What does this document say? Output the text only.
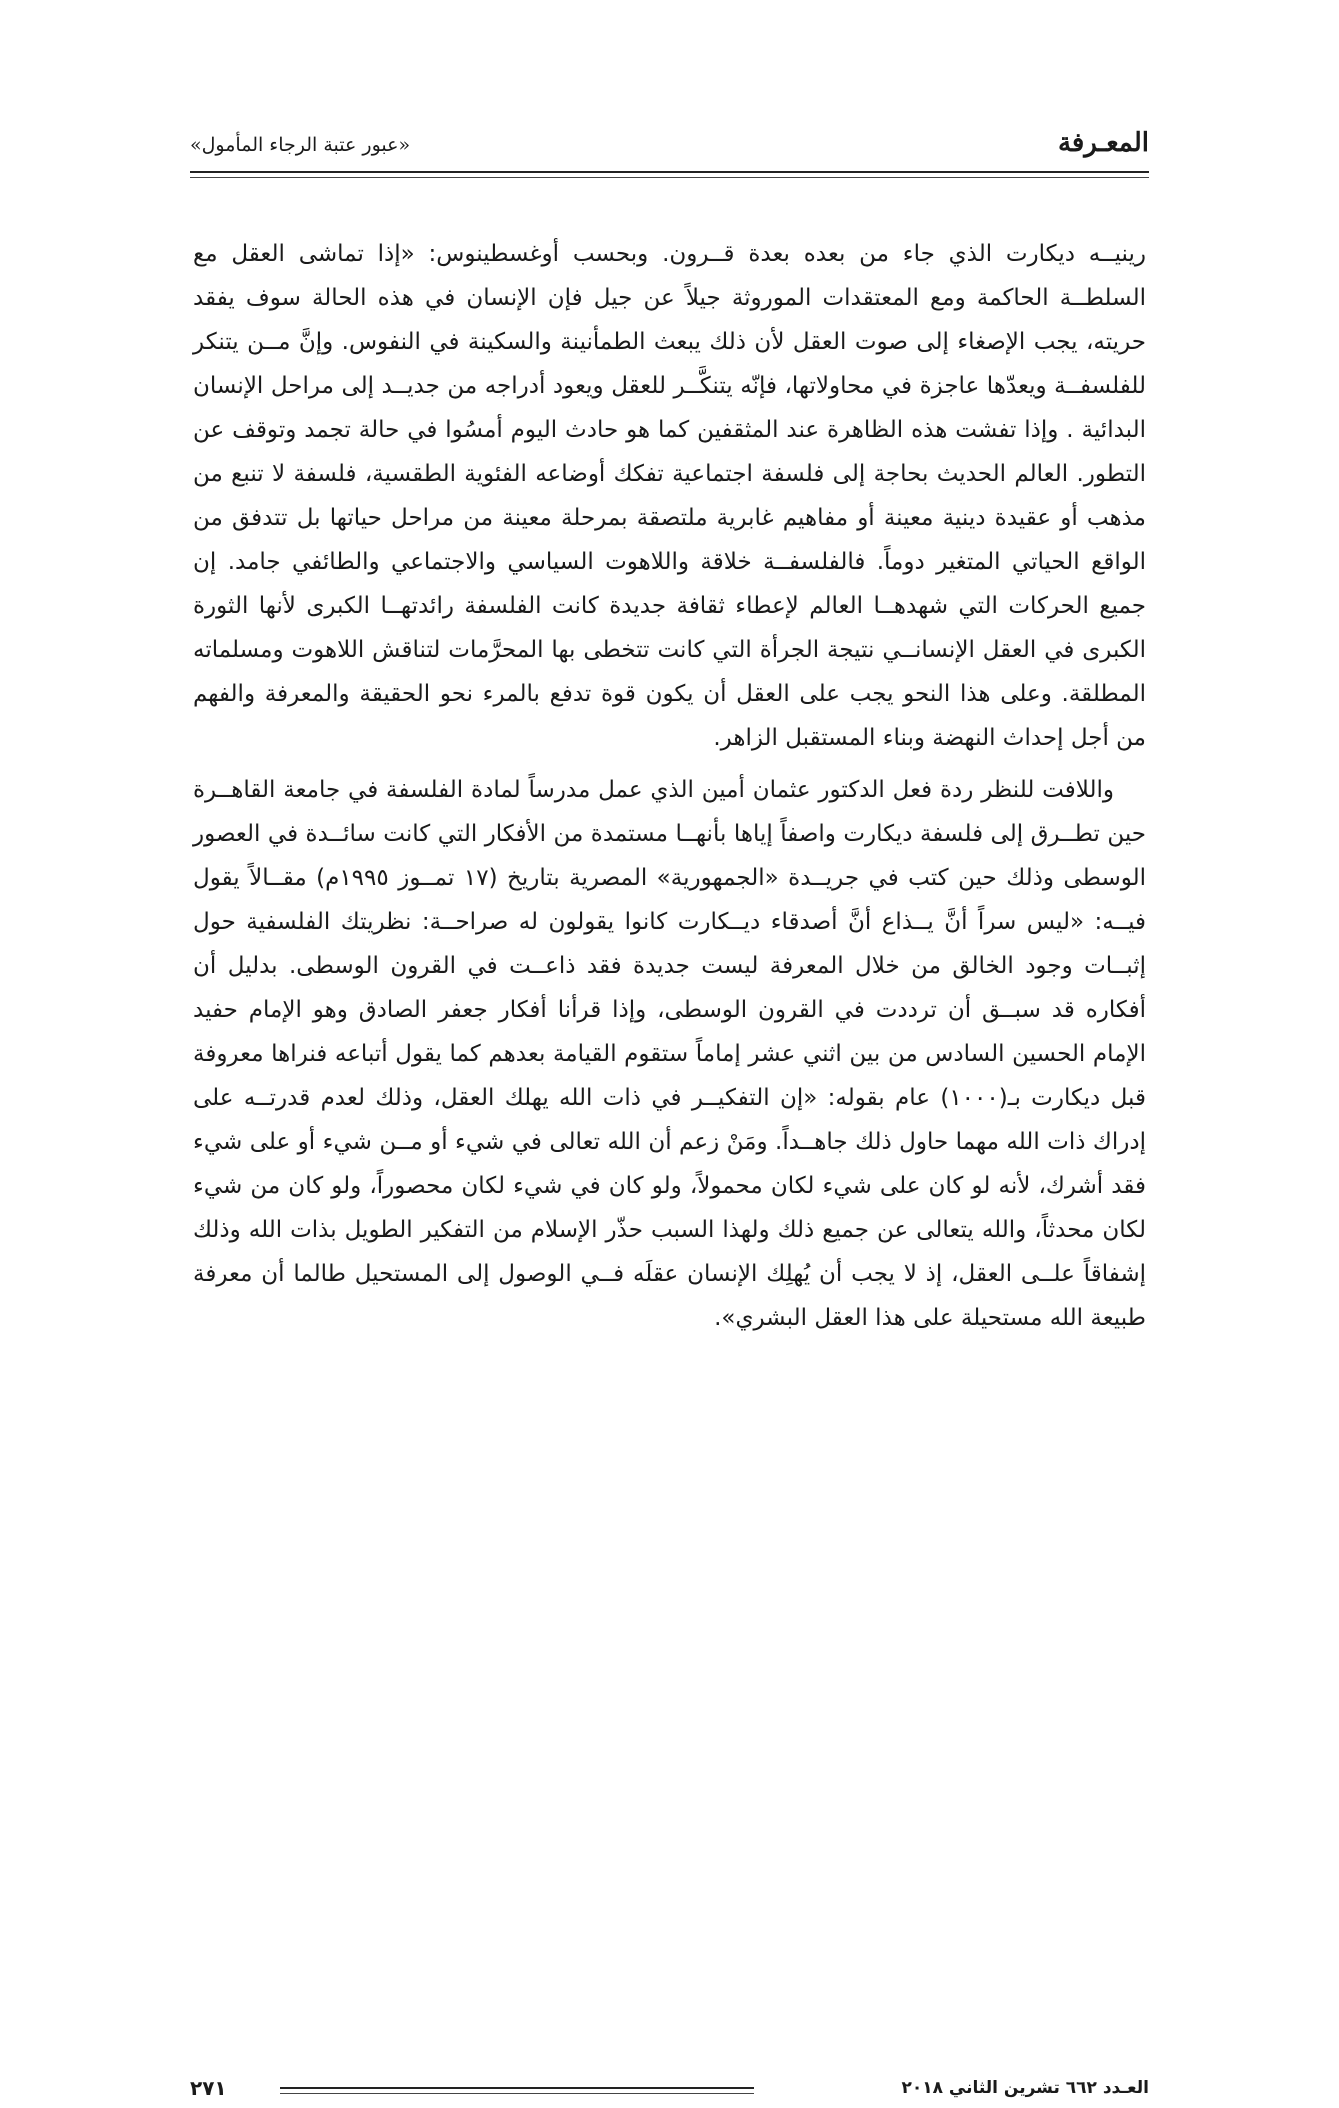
المعـرفة
«عبور عتبة الرجاء المأمول»

رينيــه ديكارت الذي جاء من بعده بعدة قــرون. وبحسب أوغسطينوس: «إذا تماشى العقل مع السلطــة الحاكمة ومع المعتقدات الموروثة جيلاً عن جيل فإن الإنسان في هذه الحالة سوف يفقد حريته، يجب الإصغاء إلى صوت العقل لأن ذلك يبعث الطمأنينة والسكينة في النفوس. وإنَّ مــن يتنكر للفلسفــة ويعدّها عاجزة في محاولاتها، فإنّه يتنكَّــر للعقل ويعود أدراجه من جديــد إلى مراحل الإنسان البدائية . وإذا تفشت هذه الظاهرة عند المثقفين كما هو حادث اليوم أمسُوا في حالة تجمد وتوقف عن التطور. العالم الحديث بحاجة إلى فلسفة اجتماعية تفكك أوضاعه الفئوية الطقسية، فلسفة لا تنبع من مذهب أو عقيدة دينية معينة أو مفاهيم غابرية ملتصقة بمرحلة معينة من مراحل حياتها بل تتدفق من الواقع الحياتي المتغير دوماً. فالفلسفــة خلاقة واللاهوت السياسي والاجتماعي والطائفي جامد. إن جميع الحركات التي شهدهــا العالم لإعطاء ثقافة جديدة كانت الفلسفة رائدتهــا الكبرى لأنها الثورة الكبرى في العقل الإنسانــي نتيجة الجرأة التي كانت تتخطى بها المحرَّمات لتناقش اللاهوت ومسلماته المطلقة. وعلى هذا النحو يجب على العقل أن يكون قوة تدفع بالمرء نحو الحقيقة والمعرفة والفهم من أجل إحداث النهضة وبناء المستقبل الزاهر.

واللافت للنظر ردة فعل الدكتور عثمان أمين الذي عمل مدرساً لمادة الفلسفة في جامعة القاهــرة حين تطــرق إلى فلسفة ديكارت واصفاً إياها بأنهــا مستمدة من الأفكار التي كانت سائــدة في العصور الوسطى وذلك حين كتب في جريــدة «الجمهورية» المصرية بتاريخ (١٧ تمــوز ١٩٩٥م) مقــالاً يقول فيــه: «ليس سراً أنَّ يــذاع أنَّ أصدقاء ديــكارت كانوا يقولون له صراحــة: نظريتك الفلسفية حول إثبــات وجود الخالق من خلال المعرفة ليست جديدة فقد ذاعــت في القرون الوسطى. بدليل أن أفكاره قد سبــق أن ترددت في القرون الوسطى، وإذا قرأنا أفكار جعفر الصادق وهو الإمام حفيد الإمام الحسين السادس من بين اثني عشر إماماً ستقوم القيامة بعدهم كما يقول أتباعه فنراها معروفة قبل ديكارت بـ(١٠٠٠) عام بقوله: «إن التفكيــر في ذات الله يهلك العقل، وذلك لعدم قدرتــه على إدراك ذات الله مهما حاول ذلك جاهــداً. ومَنْ زعم أن الله تعالى في شيء أو مــن شيء أو على شيء فقد أشرك، لأنه لو كان على شيء لكان محمولاً، ولو كان في شيء لكان محصوراً، ولو كان من شيء لكان محدثاً، والله يتعالى عن جميع ذلك ولهذا السبب حذّر الإسلام من التفكير الطويل بذات الله وذلك إشفاقاً علــى العقل، إذ لا يجب أن يُهلِك الإنسان عقلَه فــي الوصول إلى المستحيل طالما أن معرفة طبيعة الله مستحيلة على هذا العقل البشري».

العـدد ٦٦٢ تشرين الثاني ٢٠١٨
٢٧١
